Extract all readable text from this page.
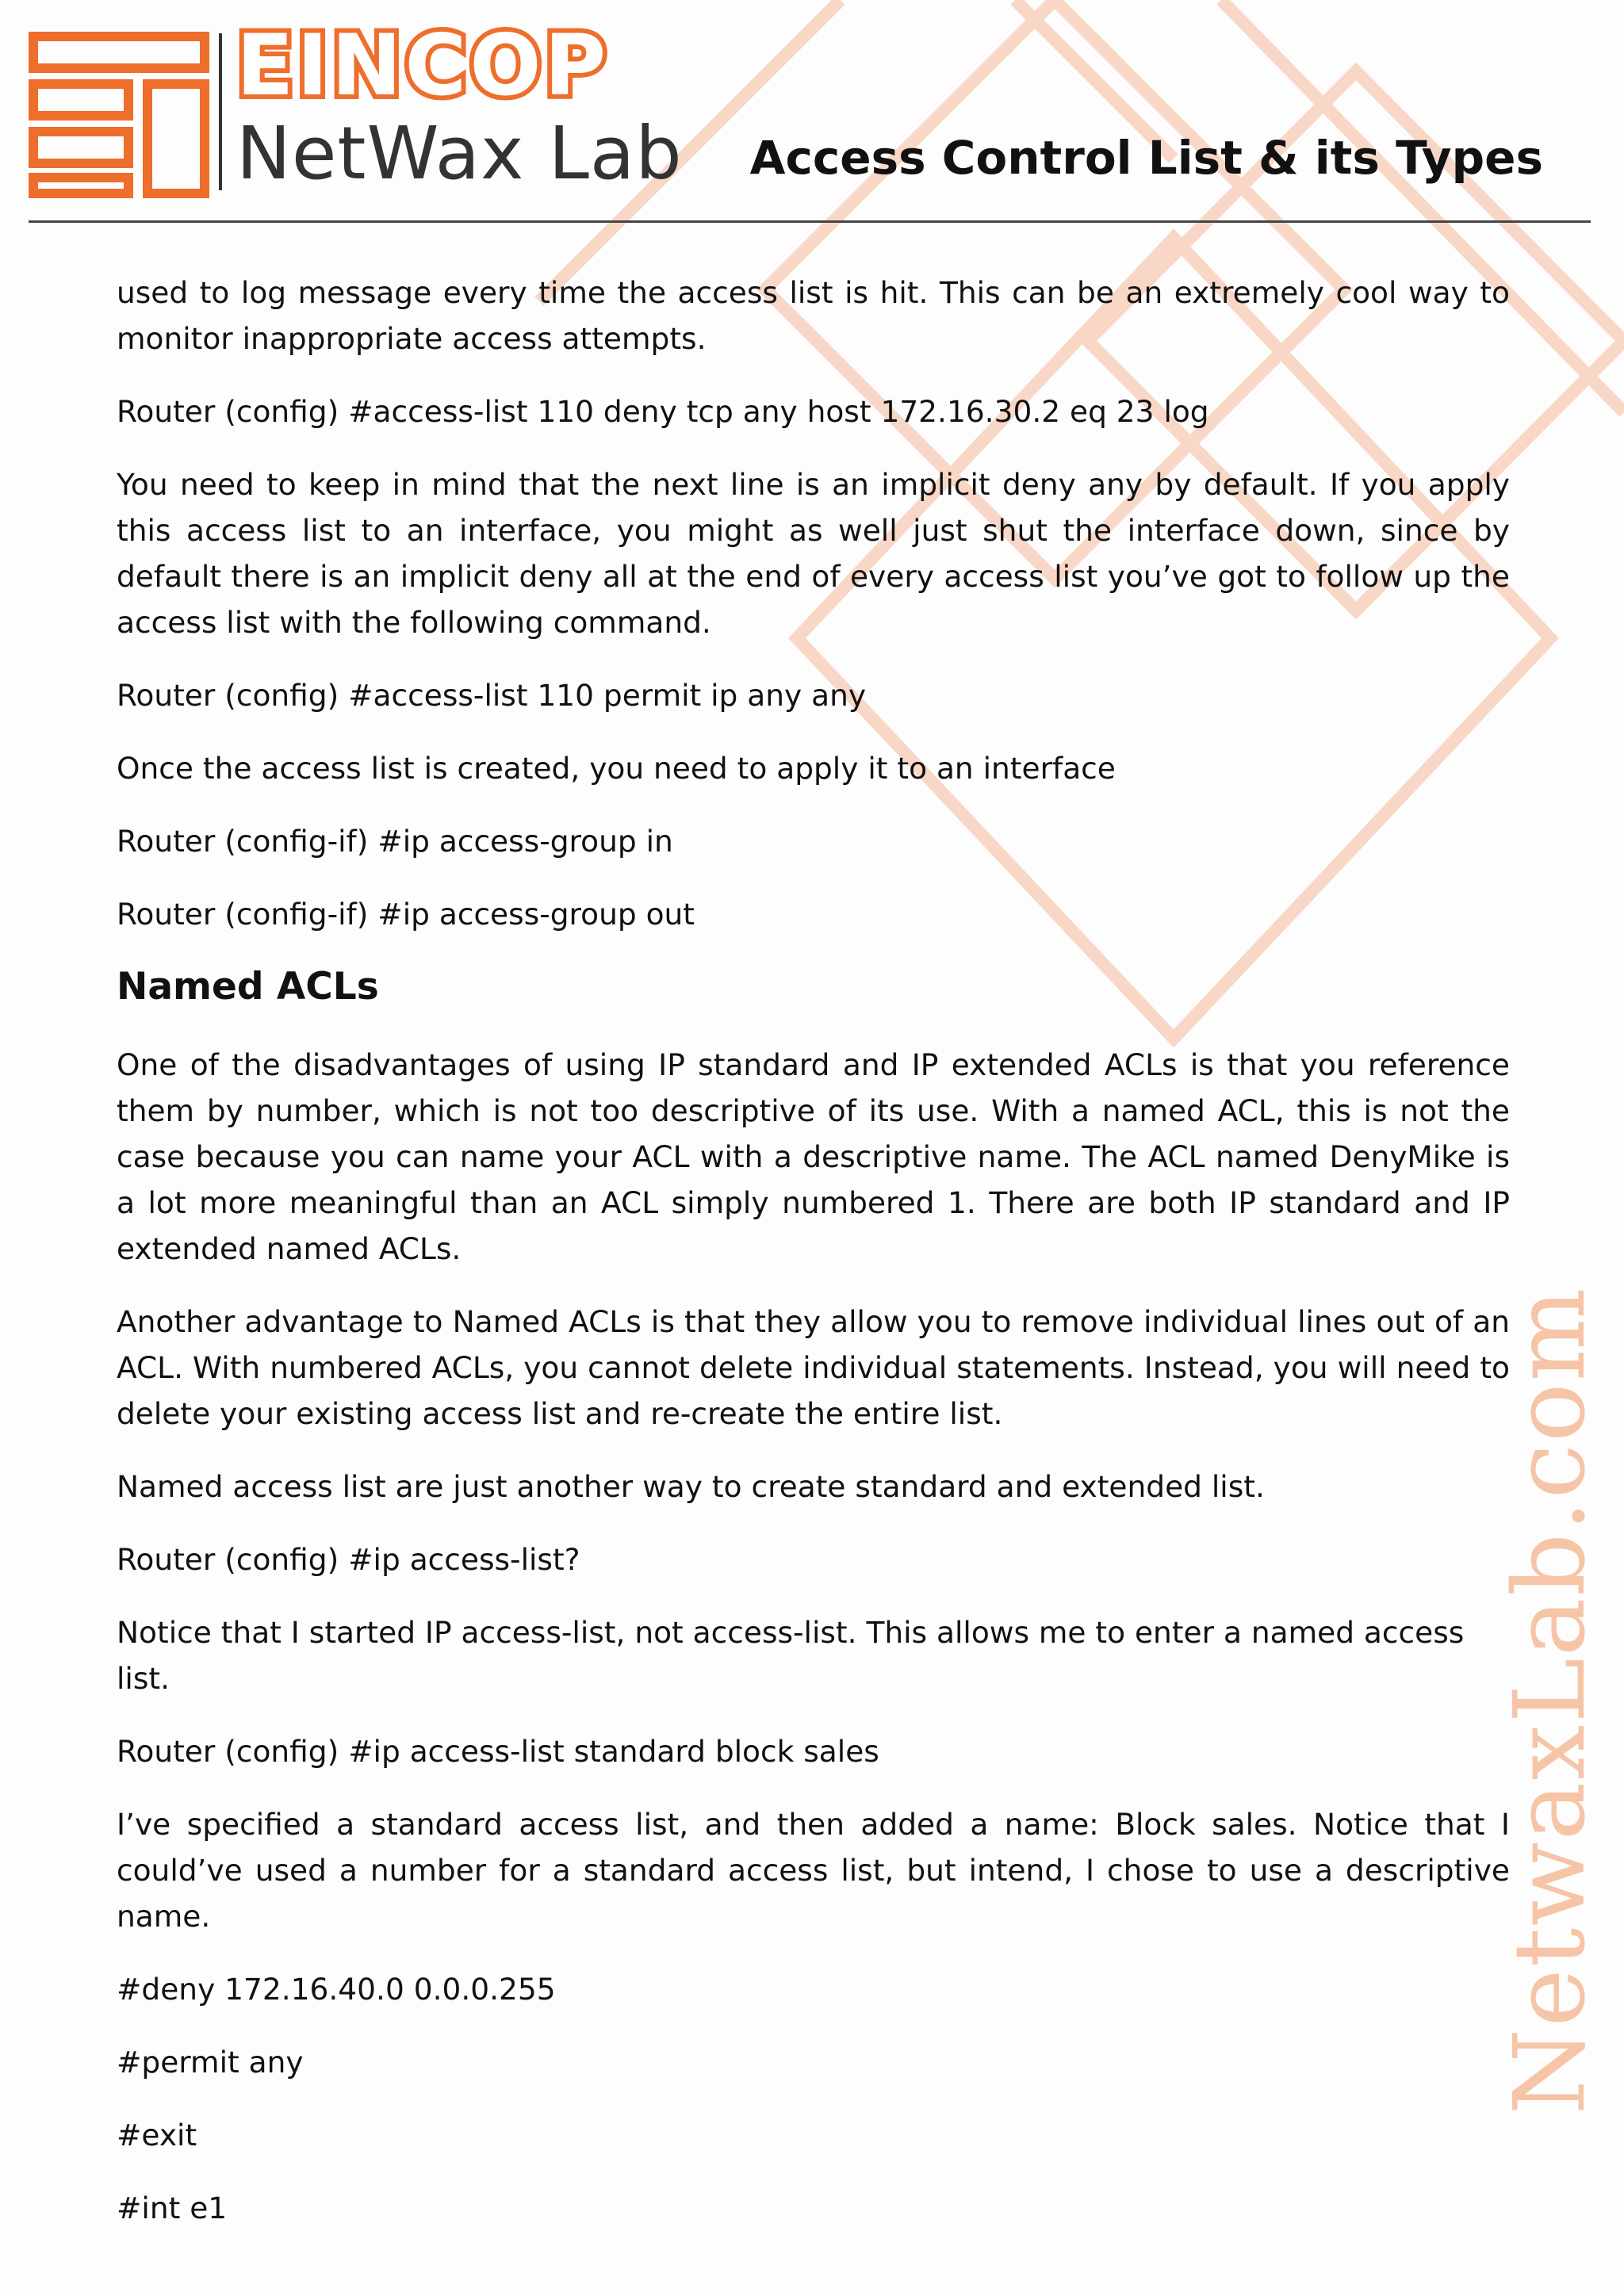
EINCOP
NetWax Lab Access Control List & its Types
NetwaxLab.com

used to log message every time the access list is hit. This can be an extremely cool way to monitor inappropriate access attempts.

Router (config) #access-list 110 deny tcp any host 172.16.30.2 eq 23 log

You need to keep in mind that the next line is an implicit deny any by default. If you apply this access list to an interface, you might as well just shut the interface down, since by default there is an implicit deny all at the end of every access list you’ve got to follow up the access list with the following command.

Router (config) #access-list 110 permit ip any any

Once the access list is created, you need to apply it to an interface

Router (config-if) #ip access-group in

Router (config-if) #ip access-group out

Named ACLs

One of the disadvantages of using IP standard and IP extended ACLs is that you reference them by number, which is not too descriptive of its use. With a named ACL, this is not the case because you can name your ACL with a descriptive name. The ACL named DenyMike is a lot more meaningful than an ACL simply numbered 1. There are both IP standard and IP extended named ACLs.

Another advantage to Named ACLs is that they allow you to remove individual lines out of an ACL. With numbered ACLs, you cannot delete individual statements. Instead, you will need to delete your existing access list and re-create the entire list.

Named access list are just another way to create standard and extended list.

Router (config) #ip access-list?

Notice that I started IP access-list, not access-list. This allows me to enter a named access list.

Router (config) #ip access-list standard block sales

I’ve specified a standard access list, and then added a name: Block sales. Notice that I could’ve used a number for a standard access list, but intend, I chose to use a descriptive name.

#deny 172.16.40.0 0.0.0.255

#permit any

#exit

#int e1
